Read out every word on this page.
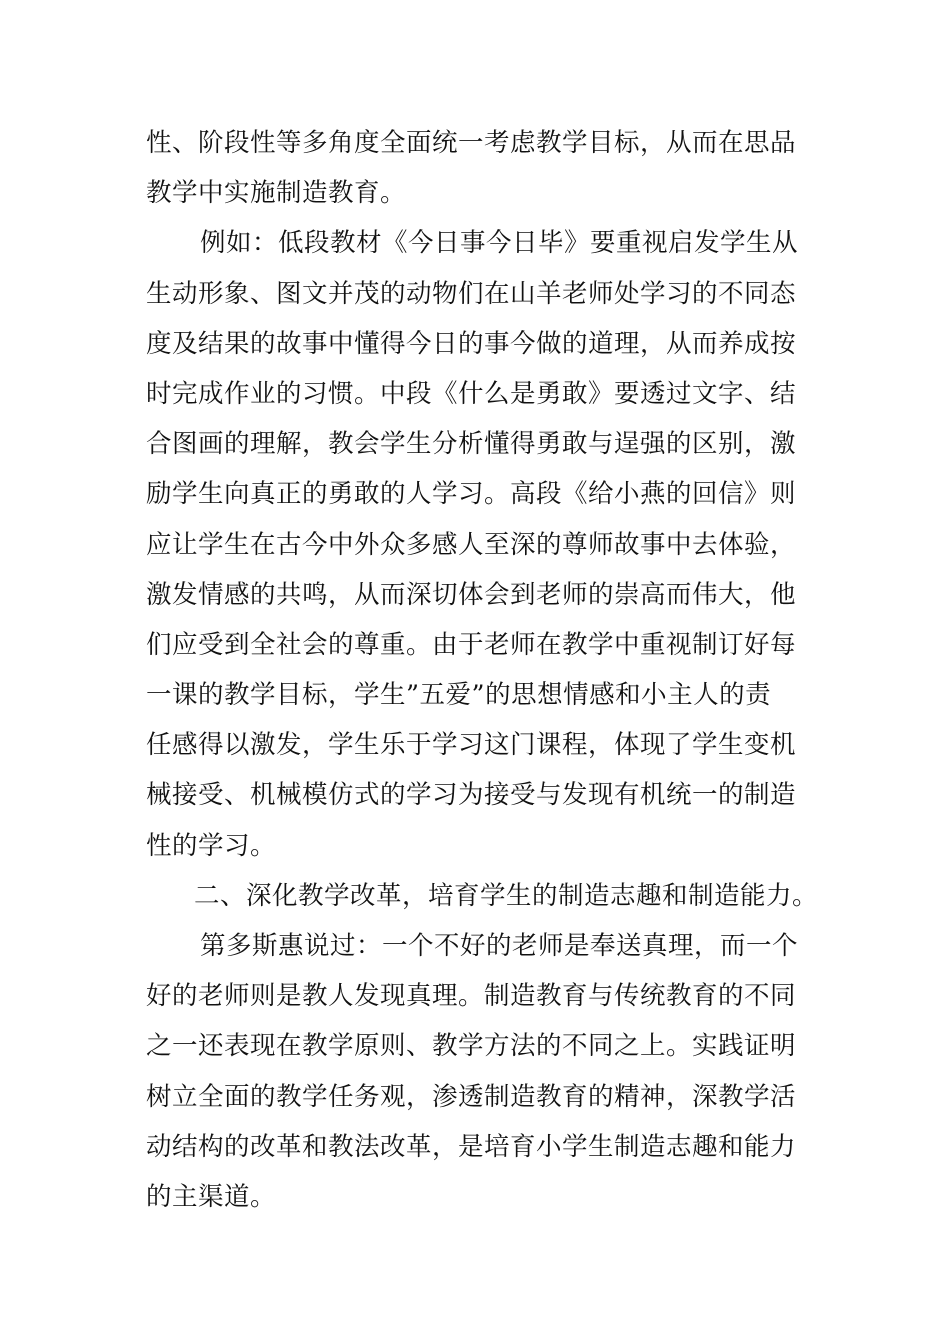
性、阶段性等多角度全面统一考虑教学目标，从而在思品
教学中实施制造教育。
例如：低段教材《今日事今日毕》要重视启发学生从
生动形象、图文并茂的动物们在山羊老师处学习的不同态
度及结果的故事中懂得今日的事今做的道理，从而养成按
时完成作业的习惯。中段《什么是勇敢》要透过文字、结
合图画的理解，教会学生分析懂得勇敢与逞强的区别，激
励学生向真正的勇敢的人学习。高段《给小燕的回信》则
应让学生在古今中外众多感人至深的尊师故事中去体验，
激发情感的共鸣，从而深切体会到老师的崇高而伟大，他
们应受到全社会的尊重。由于老师在教学中重视制订好每
一课的教学目标，学生”五爱”的思想情感和小主人的责
任感得以激发，学生乐于学习这门课程，体现了学生变机
械接受、机械模仿式的学习为接受与发现有机统一的制造
性的学习。
二、深化教学改革，培育学生的制造志趣和制造能力。
第多斯惠说过：一个不好的老师是奉送真理，而一个
好的老师则是教人发现真理。制造教育与传统教育的不同
之一还表现在教学原则、教学方法的不同之上。实践证明
树立全面的教学任务观，渗透制造教育的精神，深教学活
动结构的改革和教法改革，是培育小学生制造志趣和能力
的主渠道。
